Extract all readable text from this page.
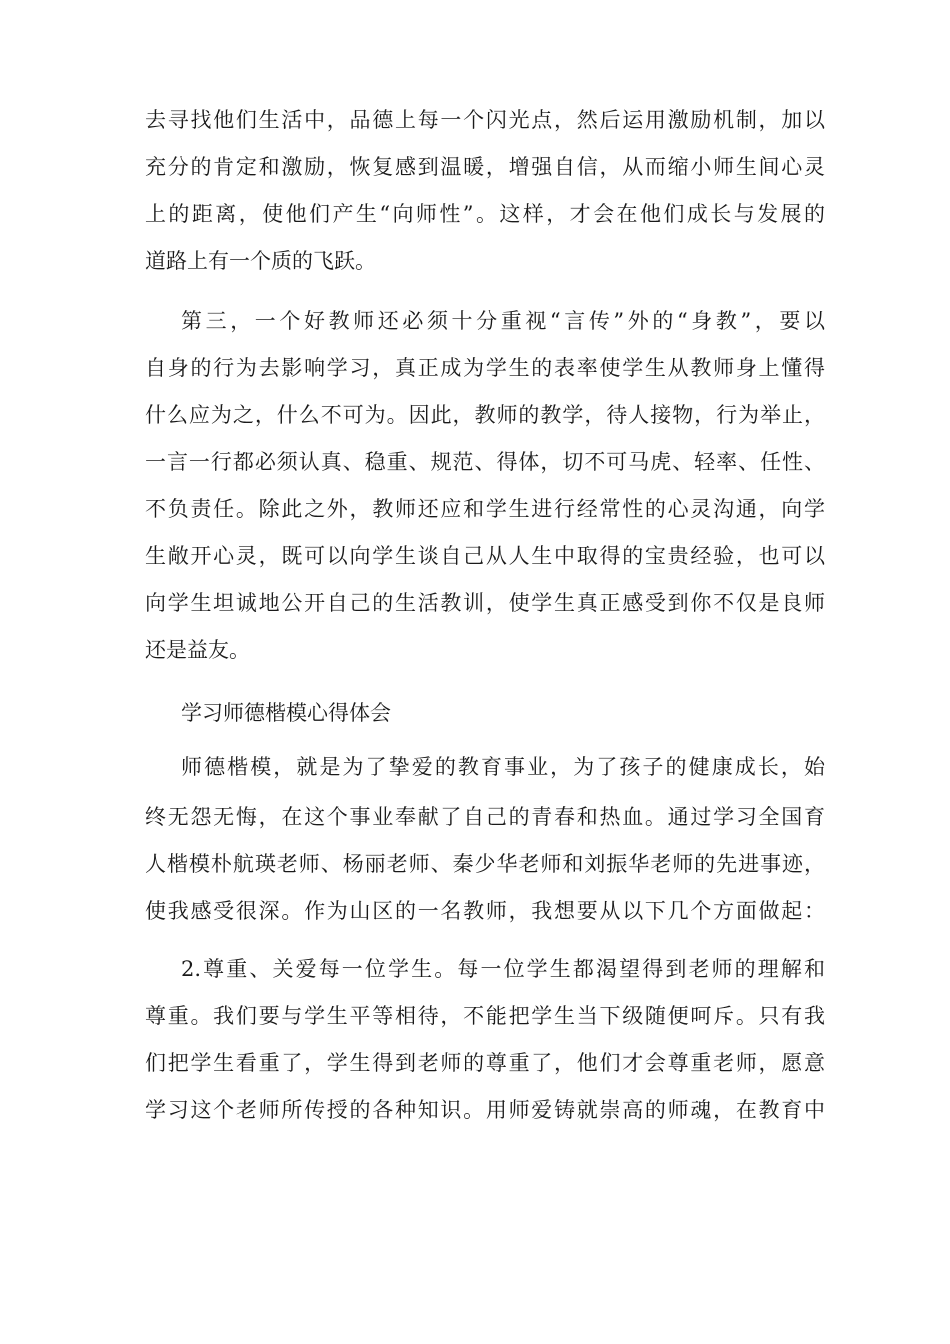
去寻找他们生活中，品德上每一个闪光点，然后运用激励机制，加以
充分的肯定和激励，恢复感到温暖，增强自信，从而缩小师生间心灵
上的距离，使他们产生“向师性”。这样，才会在他们成长与发展的
道路上有一个质的飞跃。
第三，一个好教师还必须十分重视“言传”外的“身教”，要以
自身的行为去影响学习，真正成为学生的表率使学生从教师身上懂得
什么应为之，什么不可为。因此，教师的教学，待人接物，行为举止，
一言一行都必须认真、稳重、规范、得体，切不可马虎、轻率、任性、
不负责任。除此之外，教师还应和学生进行经常性的心灵沟通，向学
生敞开心灵，既可以向学生谈自己从人生中取得的宝贵经验，也可以
向学生坦诚地公开自己的生活教训，使学生真正感受到你不仅是良师
还是益友。
学习师德楷模心得体会
师德楷模，就是为了挚爱的教育事业，为了孩子的健康成长，始
终无怨无悔，在这个事业奉献了自己的青春和热血。通过学习全国育
人楷模朴航瑛老师、杨丽老师、秦少华老师和刘振华老师的先进事迹，
使我感受很深。作为山区的一名教师，我想要从以下几个方面做起：
2.尊重、关爱每一位学生。每一位学生都渴望得到老师的理解和
尊重。我们要与学生平等相待，不能把学生当下级随便呵斥。只有我
们把学生看重了，学生得到老师的尊重了，他们才会尊重老师，愿意
学习这个老师所传授的各种知识。用师爱铸就崇高的师魂，在教育中
